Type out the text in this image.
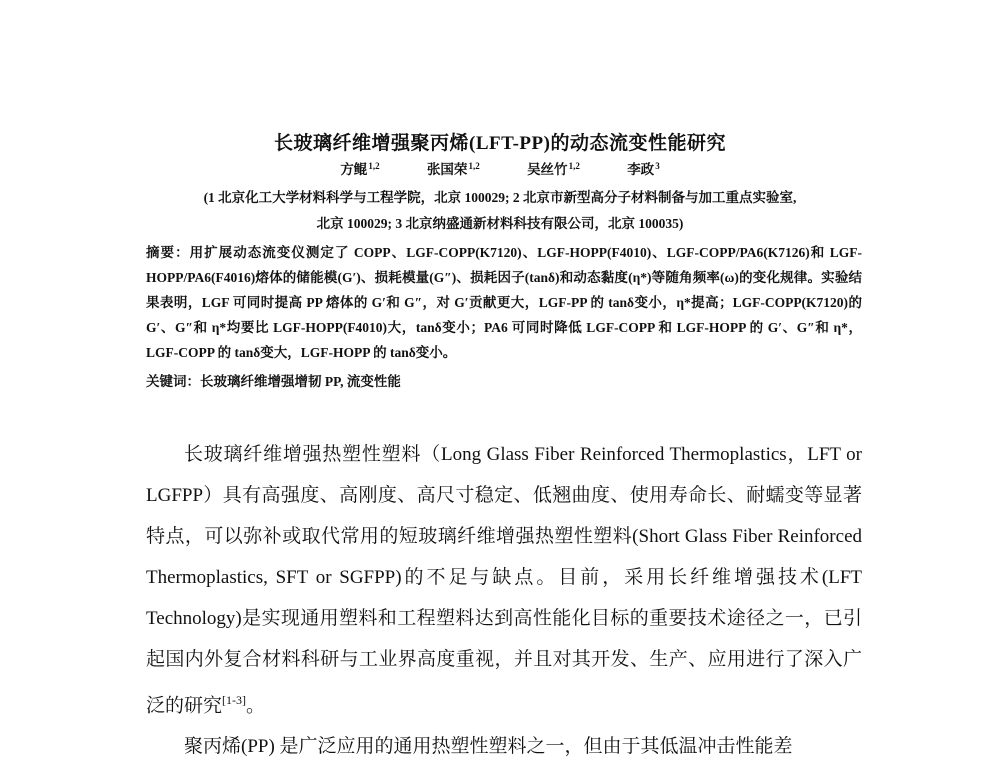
长玻璃纤维增强聚丙烯(LFT-PP)的动态流变性能研究
方鲲$^{1,2}$	张国荣$^{1,2}$	吴丝竹$^{1,2}$	李政$^3$
(1 北京化工大学材料科学与工程学院，北京 100029; 2 北京市新型高分子材料制备与加工重点实验室,
北京 100029; 3 北京纳盛通新材料科技有限公司，北京 100035)
摘要：用扩展动态流变仪测定了 COPP、LGF-COPP(K7120)、LGF-HOPP(F4010)、LGF-COPP/PA6(K7126)和 LGF-HOPP/PA6(F4016)熔体的储能模(G′)、损耗模量(G″)、损耗因子(tanδ)和动态黏度(η*)等随角频率(ω)的变化规律。实验结果表明，LGF 可同时提高 PP 熔体的 G′和 G″，对 G′贡献更大，LGF-PP 的 tanδ变小，η*提高；LGF-COPP(K7120)的 G′、G″和 η*均要比 LGF-HOPP(F4010)大，tanδ变小；PA6 可同时降低 LGF-COPP 和 LGF-HOPP 的 G′、G″和 η*，LGF-COPP 的 tanδ变大，LGF-HOPP 的 tanδ变小。
关键词：长玻璃纤维增强增韧 PP, 流变性能

长玻璃纤维增强热塑性塑料（Long Glass Fiber Reinforced Thermoplastics，LFT or LGFPP）具有高强度、高刚度、高尺寸稳定、低翘曲度、使用寿命长、耐蠕变等显著特点，可以弥补或取代常用的短玻璃纤维增强热塑性塑料(Short Glass Fiber Reinforced Thermoplastics, SFT or SGFPP)的不足与缺点。目前，采用长纤维增强技术(LFT Technology)是实现通用塑料和工程塑料达到高性能化目标的重要技术途径之一，已引起国内外复合材料科研与工业界高度重视，并且对其开发、生产、应用进行了深入广泛的研究[1-3]。

聚丙烯(PP) 是广泛应用的通用热塑性塑料之一，但由于其低温冲击性能差
